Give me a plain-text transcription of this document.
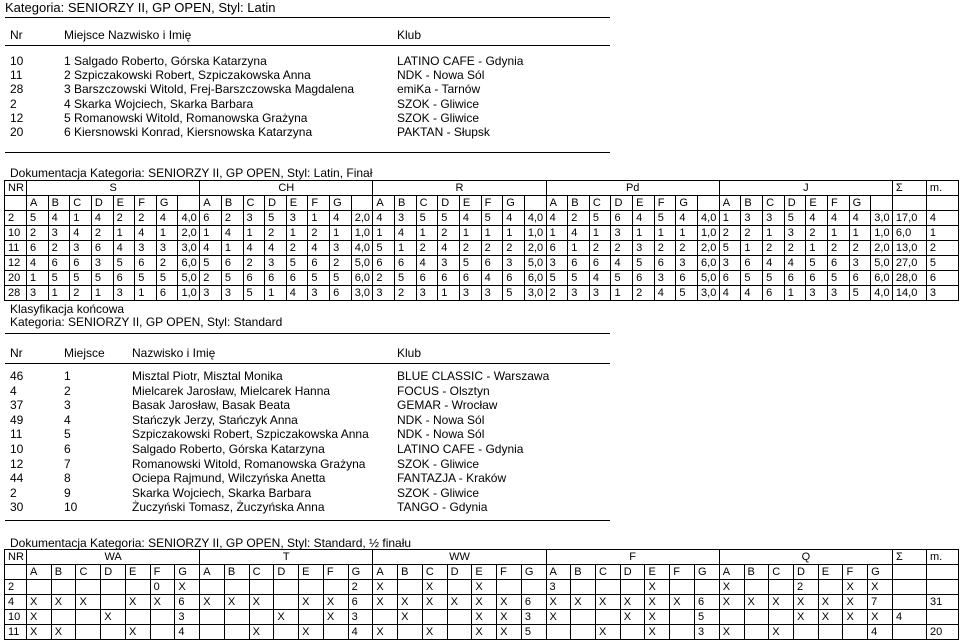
Kategoria: SENIORZY II, GP OPEN, Styl: Latin
Nr	Miejsce Nazwisko i Imię	Klub
10	1 Salgado Roberto, Górska Katarzyna	LATINO CAFE - Gdynia
11	2 Szpiczakowski Robert, Szpiczakowska Anna	NDK - Nowa Sól
28	3 Barszczowski Witold, Frej-Barszczowska Magdalena	emiKa - Tarnów
2	4 Skarka Wojciech, Skarka Barbara	SZOK - Gliwice
12	5 Romanowski Witold, Romanowska Grażyna	SZOK - Gliwice
20	6 Kiersnowski Konrad, Kiersnowska Katarzyna	PAKTAN - Słupsk
Dokumentacja Kategoria: SENIORZY II, GP OPEN, Styl: Latin, Finał
NR	S								CH								R								Pd								J								Σ	m.
	A	B	C	D	E	F	G		A	B	C	D	E	F	G		A	B	C	D	E	F	G		A	B	C	D	E	F	G		A	B	C	D	E	F	G			
2	5	4	1	4	2	2	4	4,0	6	2	3	5	3	1	4	2,0	4	3	5	5	4	5	4	4,0	4	2	5	6	4	5	4	4,0	1	3	3	5	4	4	4	3,0	17,0	4
10	2	3	4	2	1	4	1	2,0	1	4	1	2	1	2	1	1,0	1	4	1	2	1	1	1	1,0	1	4	1	3	1	1	1	1,0	2	2	1	3	2	1	1	1,0	6,0	1
11	6	2	3	6	4	3	3	3,0	4	1	4	4	2	4	3	4,0	5	1	2	4	2	2	2	2,0	6	1	2	2	3	2	2	2,0	5	1	2	2	1	2	2	2,0	13,0	2
12	4	6	6	3	5	6	2	6,0	5	6	2	3	5	6	2	5,0	6	6	4	3	5	6	3	5,0	3	6	6	4	5	6	3	6,0	3	6	4	4	5	6	3	5,0	27,0	5
20	1	5	5	5	6	5	5	5,0	2	5	6	6	6	5	5	6,0	2	5	6	6	6	4	6	6,0	5	5	4	5	6	3	6	5,0	6	5	5	6	6	5	6	6,0	28,0	6
28	3	1	2	1	3	1	6	1,0	3	3	5	1	4	3	6	3,0	3	2	3	1	3	3	5	3,0	2	3	3	1	2	4	5	3,0	4	4	6	1	3	3	5	4,0	14,0	3
Klasyfikacja końcowa
Kategoria: SENIORZY II, GP OPEN, Styl: Standard
Nr	Miejsce Nazwisko i Imię	Klub
46	1	Misztal Piotr, Misztal Monika	BLUE CLASSIC - Warszawa
4	2	Mielcarek Jarosław, Mielcarek Hanna	FOCUS - Olsztyn
37	3	Basak Jarosław, Basak Beata	GEMAR - Wrocław
49	4	Stańczyk Jerzy, Stańczyk Anna	NDK - Nowa Sól
11	5	Szpiczakowski Robert, Szpiczakowska Anna NDK - Nowa Sól
10	6	Salgado Roberto, Górska Katarzyna	LATINO CAFE - Gdynia
12	7	Romanowski Witold, Romanowska Grażyna	SZOK - Gliwice
44	8	Ociepa Rajmund, Wilczyńska Anetta	FANTAZJA - Kraków
2	9	Skarka Wojciech, Skarka Barbara	SZOK - Gliwice
30	10	Żuczyński Tomasz, Żuczyńska Anna	TANGO - Gdynia
Dokumentacja Kategoria: SENIORZY II, GP OPEN, Styl: Standard, ½ finału
NR	WA							T							WW							F							Q							Σ	m.	
	A	B	C	D	E	F	G	A	B	C	D	E	F	G	A	B	C	D	E	F	G	A	B	C	D	E	F	G	A	B	C	D	E	F	G			
2						0	X							2	X		X		X			3				X			X			2		X	X						
4	X	X	X		X	X	6	X	X	X		X	X	6	X	X	X	X	X	X	6	X	X	X	X	X	X	6	X	X	X	X	X	X	7		31	
10	X			X			3				X		X	3		X			X	X	3	X			X	X		5				X	X	X	X	4			
11	X	X			X		4			X		X		4	X		X		X	X	5			X		X		3	X		X				4		20	
